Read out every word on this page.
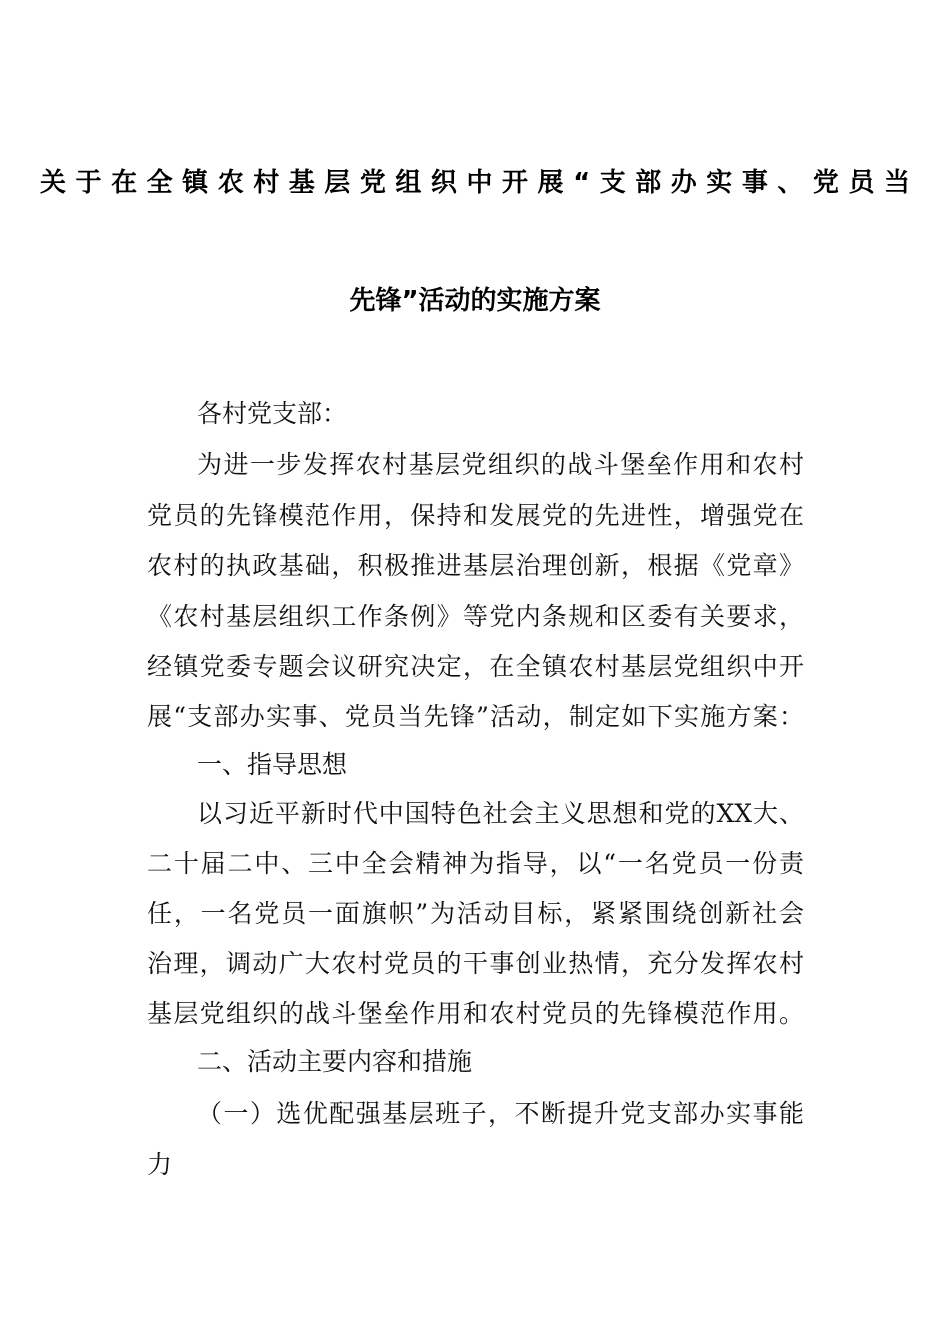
关于在全镇农村基层党组织中开展“支部办实事、党员当
先锋”活动的实施方案
各村党支部：
为进一步发挥农村基层党组织的战斗堡垒作用和农村
党员的先锋模范作用，保持和发展党的先进性，增强党在
农村的执政基础，积极推进基层治理创新，根据《党章》
《农村基层组织工作条例》等党内条规和区委有关要求，
经镇党委专题会议研究决定，在全镇农村基层党组织中开
展“支部办实事、党员当先锋”活动，制定如下实施方案：
一、指导思想
以习近平新时代中国特色社会主义思想和党的XX大、
二十届二中、三中全会精神为指导，以“一名党员一份责
任，一名党员一面旗帜”为活动目标，紧紧围绕创新社会
治理，调动广大农村党员的干事创业热情，充分发挥农村
基层党组织的战斗堡垒作用和农村党员的先锋模范作用。
二、活动主要内容和措施
（一）选优配强基层班子，不断提升党支部办实事能
力
